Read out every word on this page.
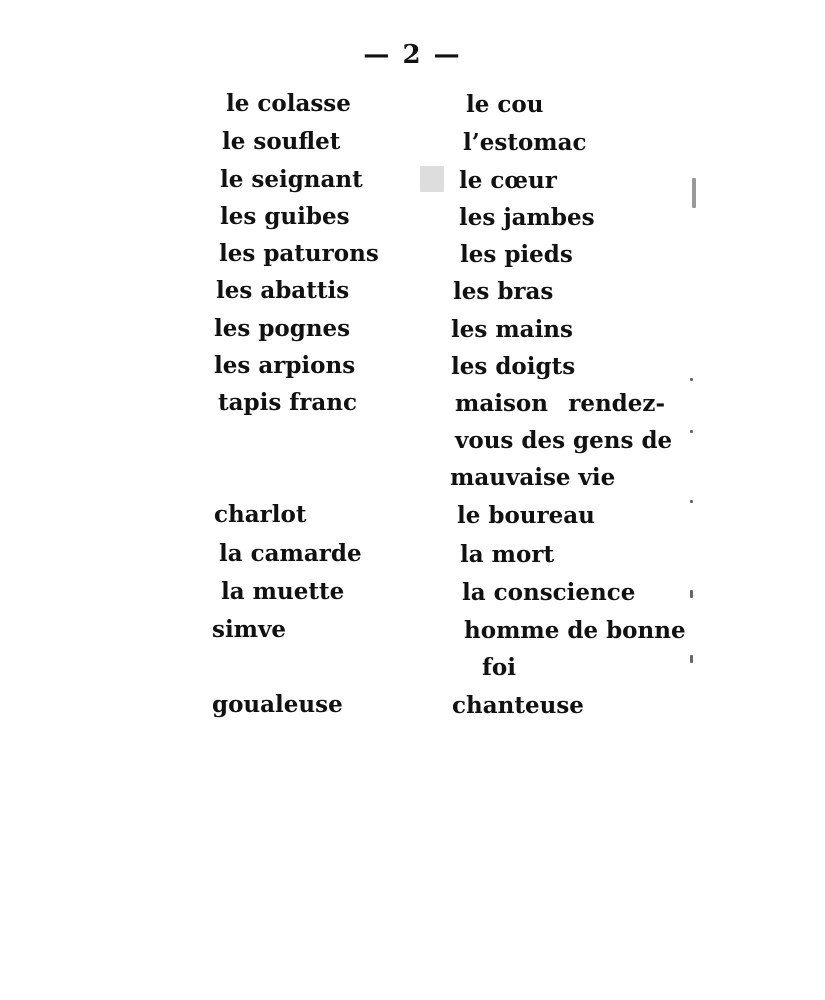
— 2 —
le colasse	le cou
le souflet	l’estomac
le seignant	le cœur
les guibes	les jambes
les paturons	les pieds
les abattis	les bras
les pognes	les mains
les arpions	les doigts
tapis franc	maison rendez-
vous des gens de
mauvaise vie
charlot	le boureau
la camarde	la mort
la muette	la conscience
simve	homme de bonne
foi
goualeuse	chanteuse
